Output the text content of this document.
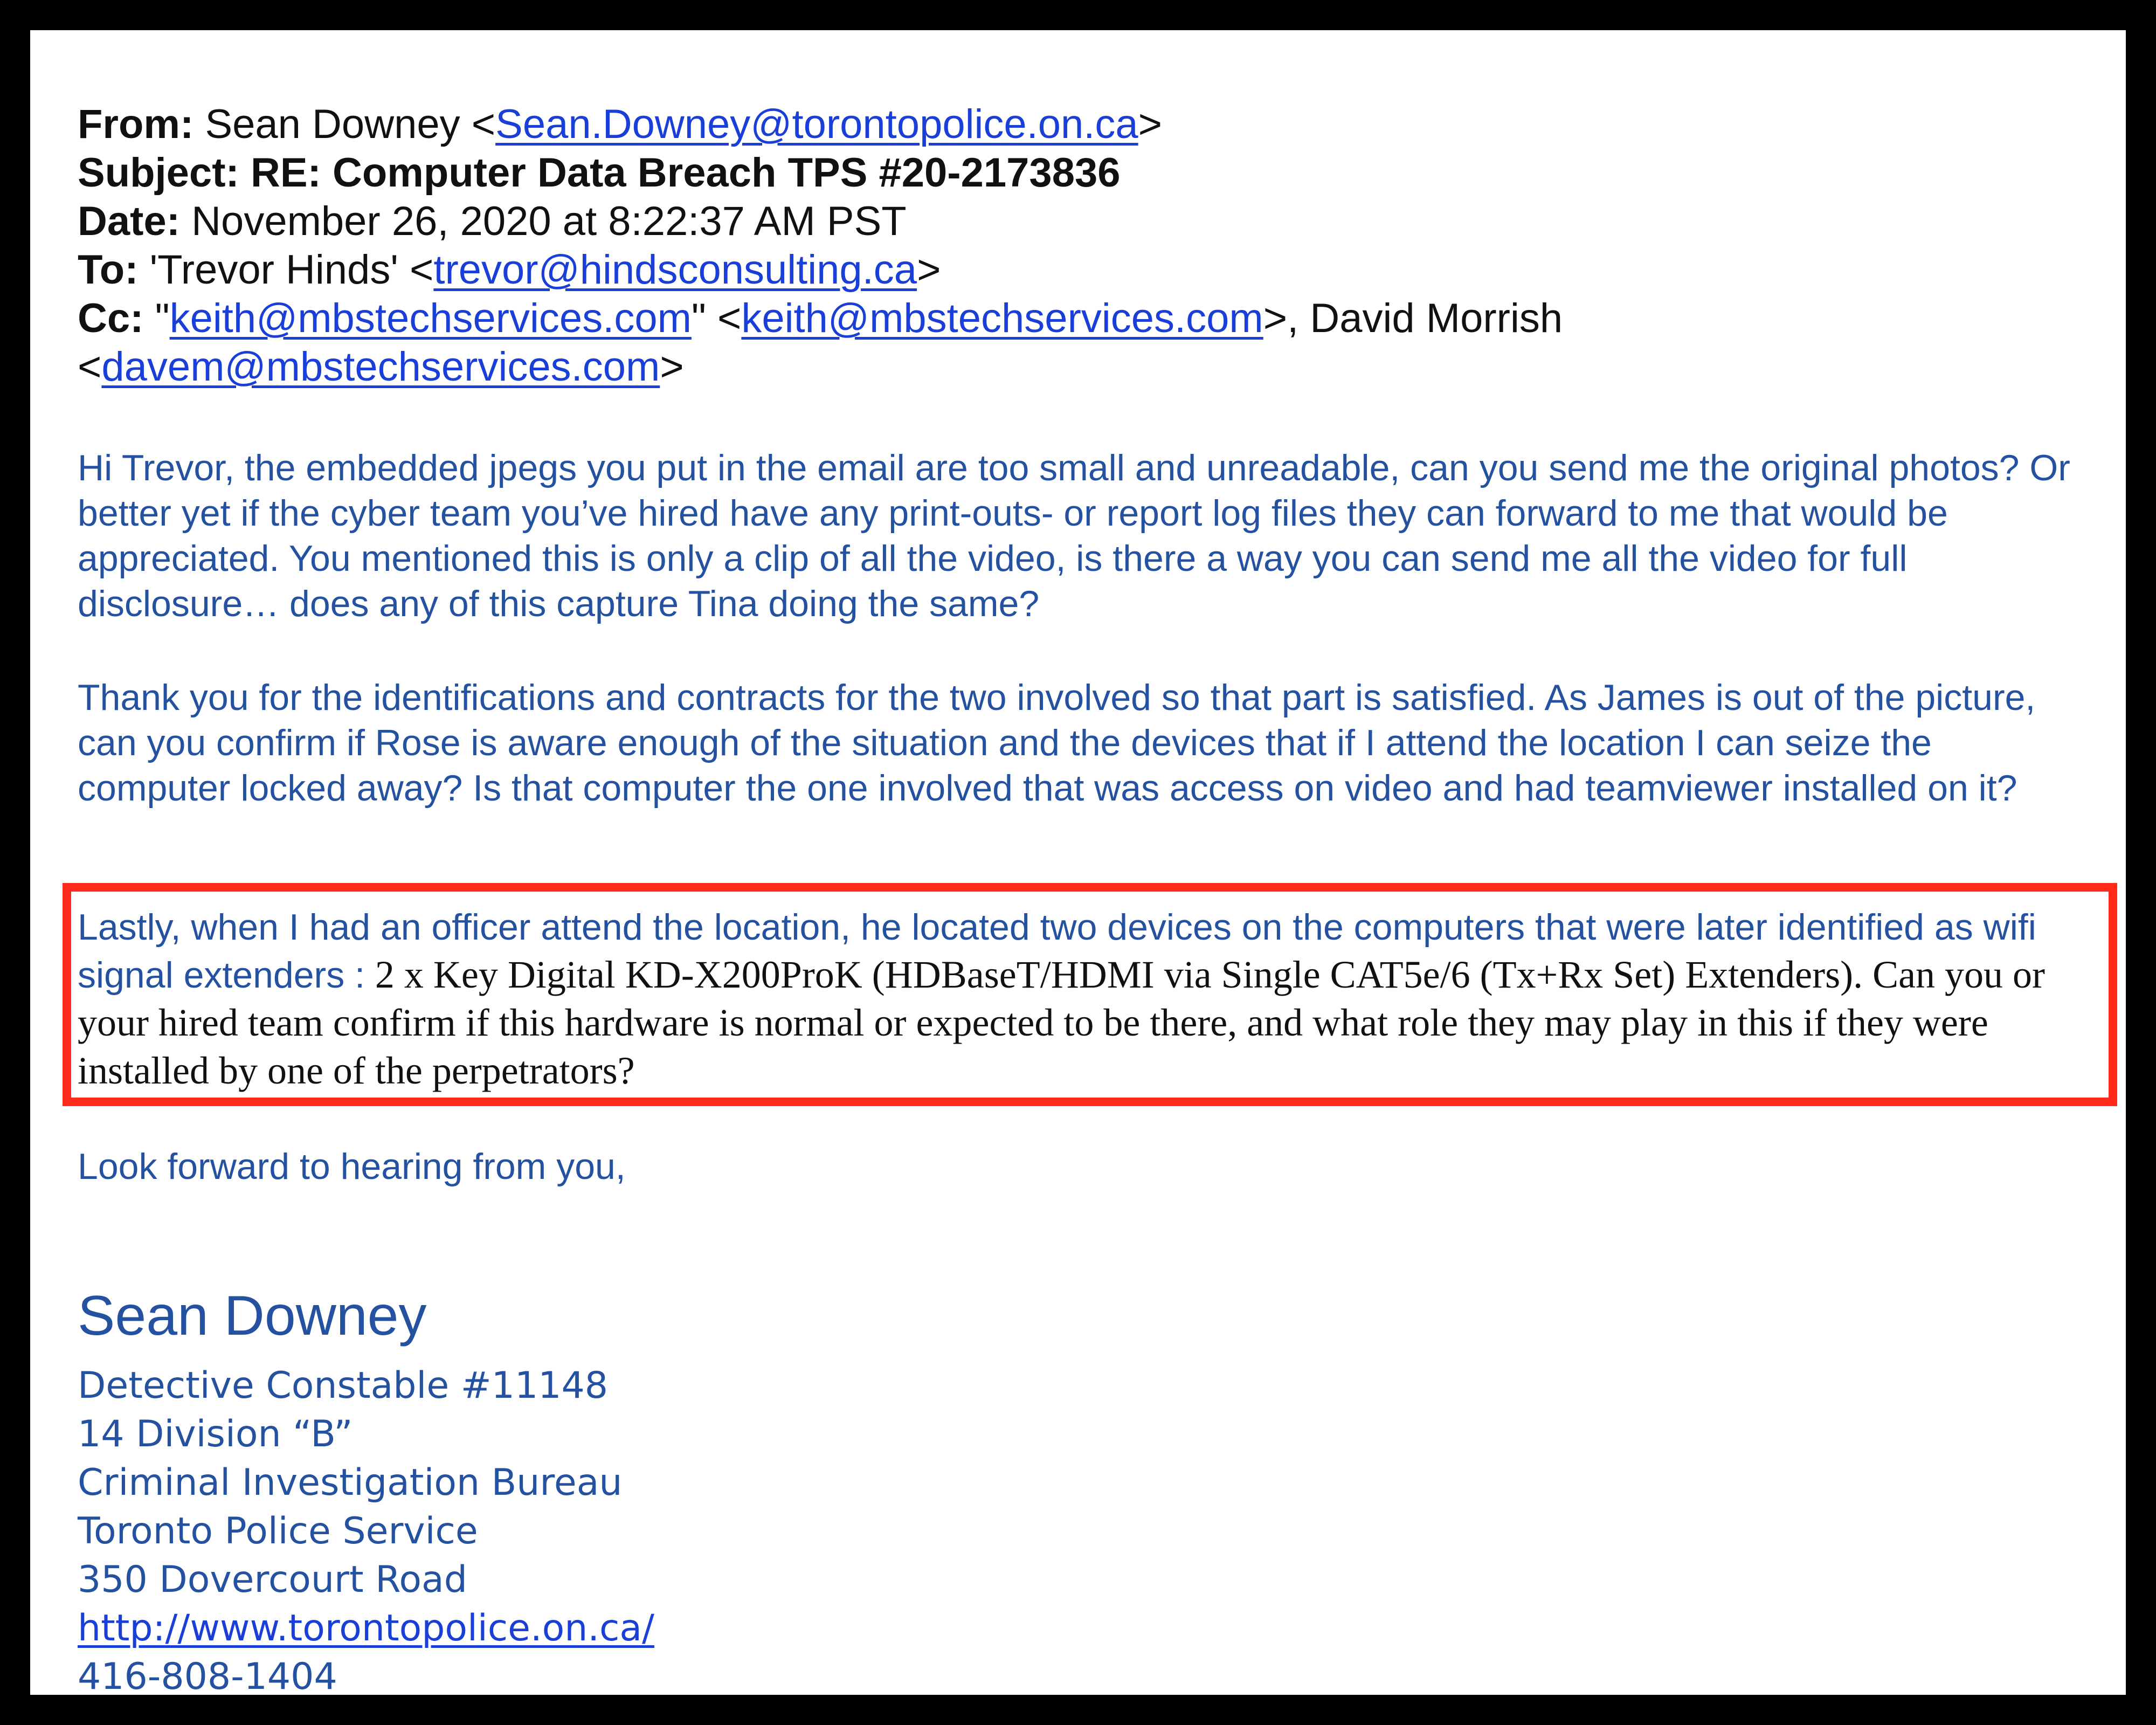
From: Sean Downey <Sean.Downey@torontopolice.on.ca>
Subject: RE: Computer Data Breach TPS #20-2173836
Date: November 26, 2020 at 8:22:37 AM PST
To: 'Trevor Hinds' <trevor@hindsconsulting.ca>
Cc: "keith@mbstechservices.com" <keith@mbstechservices.com>, David Morrish
<davem@mbstechservices.com>

Hi Trevor, the embedded jpegs you put in the email are too small and unreadable, can you send me the original photos? Or better yet if the cyber team you’ve hired have any print-outs- or report log files they can forward to me that would be appreciated. You mentioned this is only a clip of all the video, is there a way you can send me all the video for full disclosure… does any of this capture Tina doing the same?

Thank you for the identifications and contracts for the two involved so that part is satisfied. As James is out of the picture, can you confirm if Rose is aware enough of the situation and the devices that if I attend the location I can seize the computer locked away? Is that computer the one involved that was access on video and had teamviewer installed on it?

Lastly, when I had an officer attend the location, he located two devices on the computers that were later identified as wifi signal extenders : 2 x Key Digital KD-X200ProK (HDBaseT/HDMI via Single CAT5e/6 (Tx+Rx Set) Extenders). Can you or your hired team confirm if this hardware is normal or expected to be there, and what role they may play in this if they were installed by one of the perpetrators?

Look forward to hearing from you,

Sean Downey
Detective Constable #11148
14 Division “B”
Criminal Investigation Bureau
Toronto Police Service
350 Dovercourt Road
http://www.torontopolice.on.ca/
416-808-1404
